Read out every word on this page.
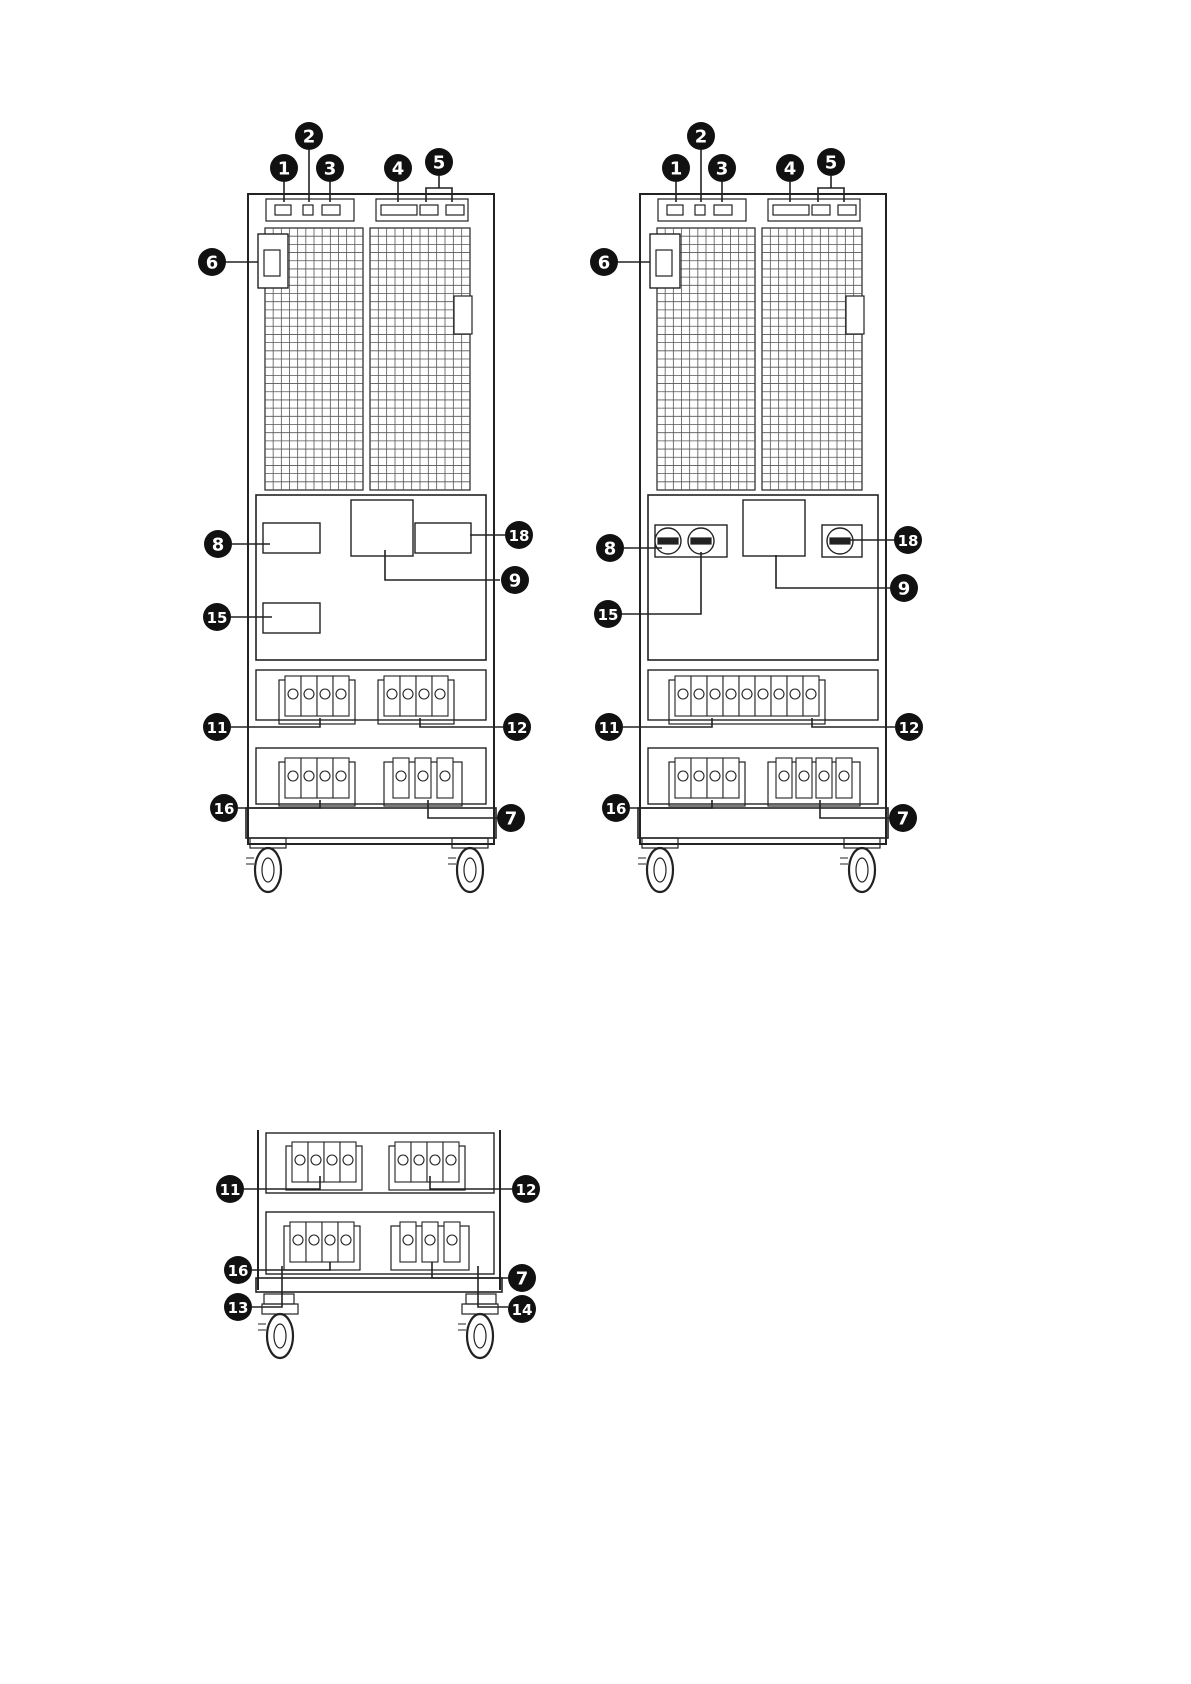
1
2
3	4 5
6
8	18
9
15
11	12
16	7
1
2
3	4 5
6
8	18
9
15
11	12
16	7
11	12
16	7
13	14
